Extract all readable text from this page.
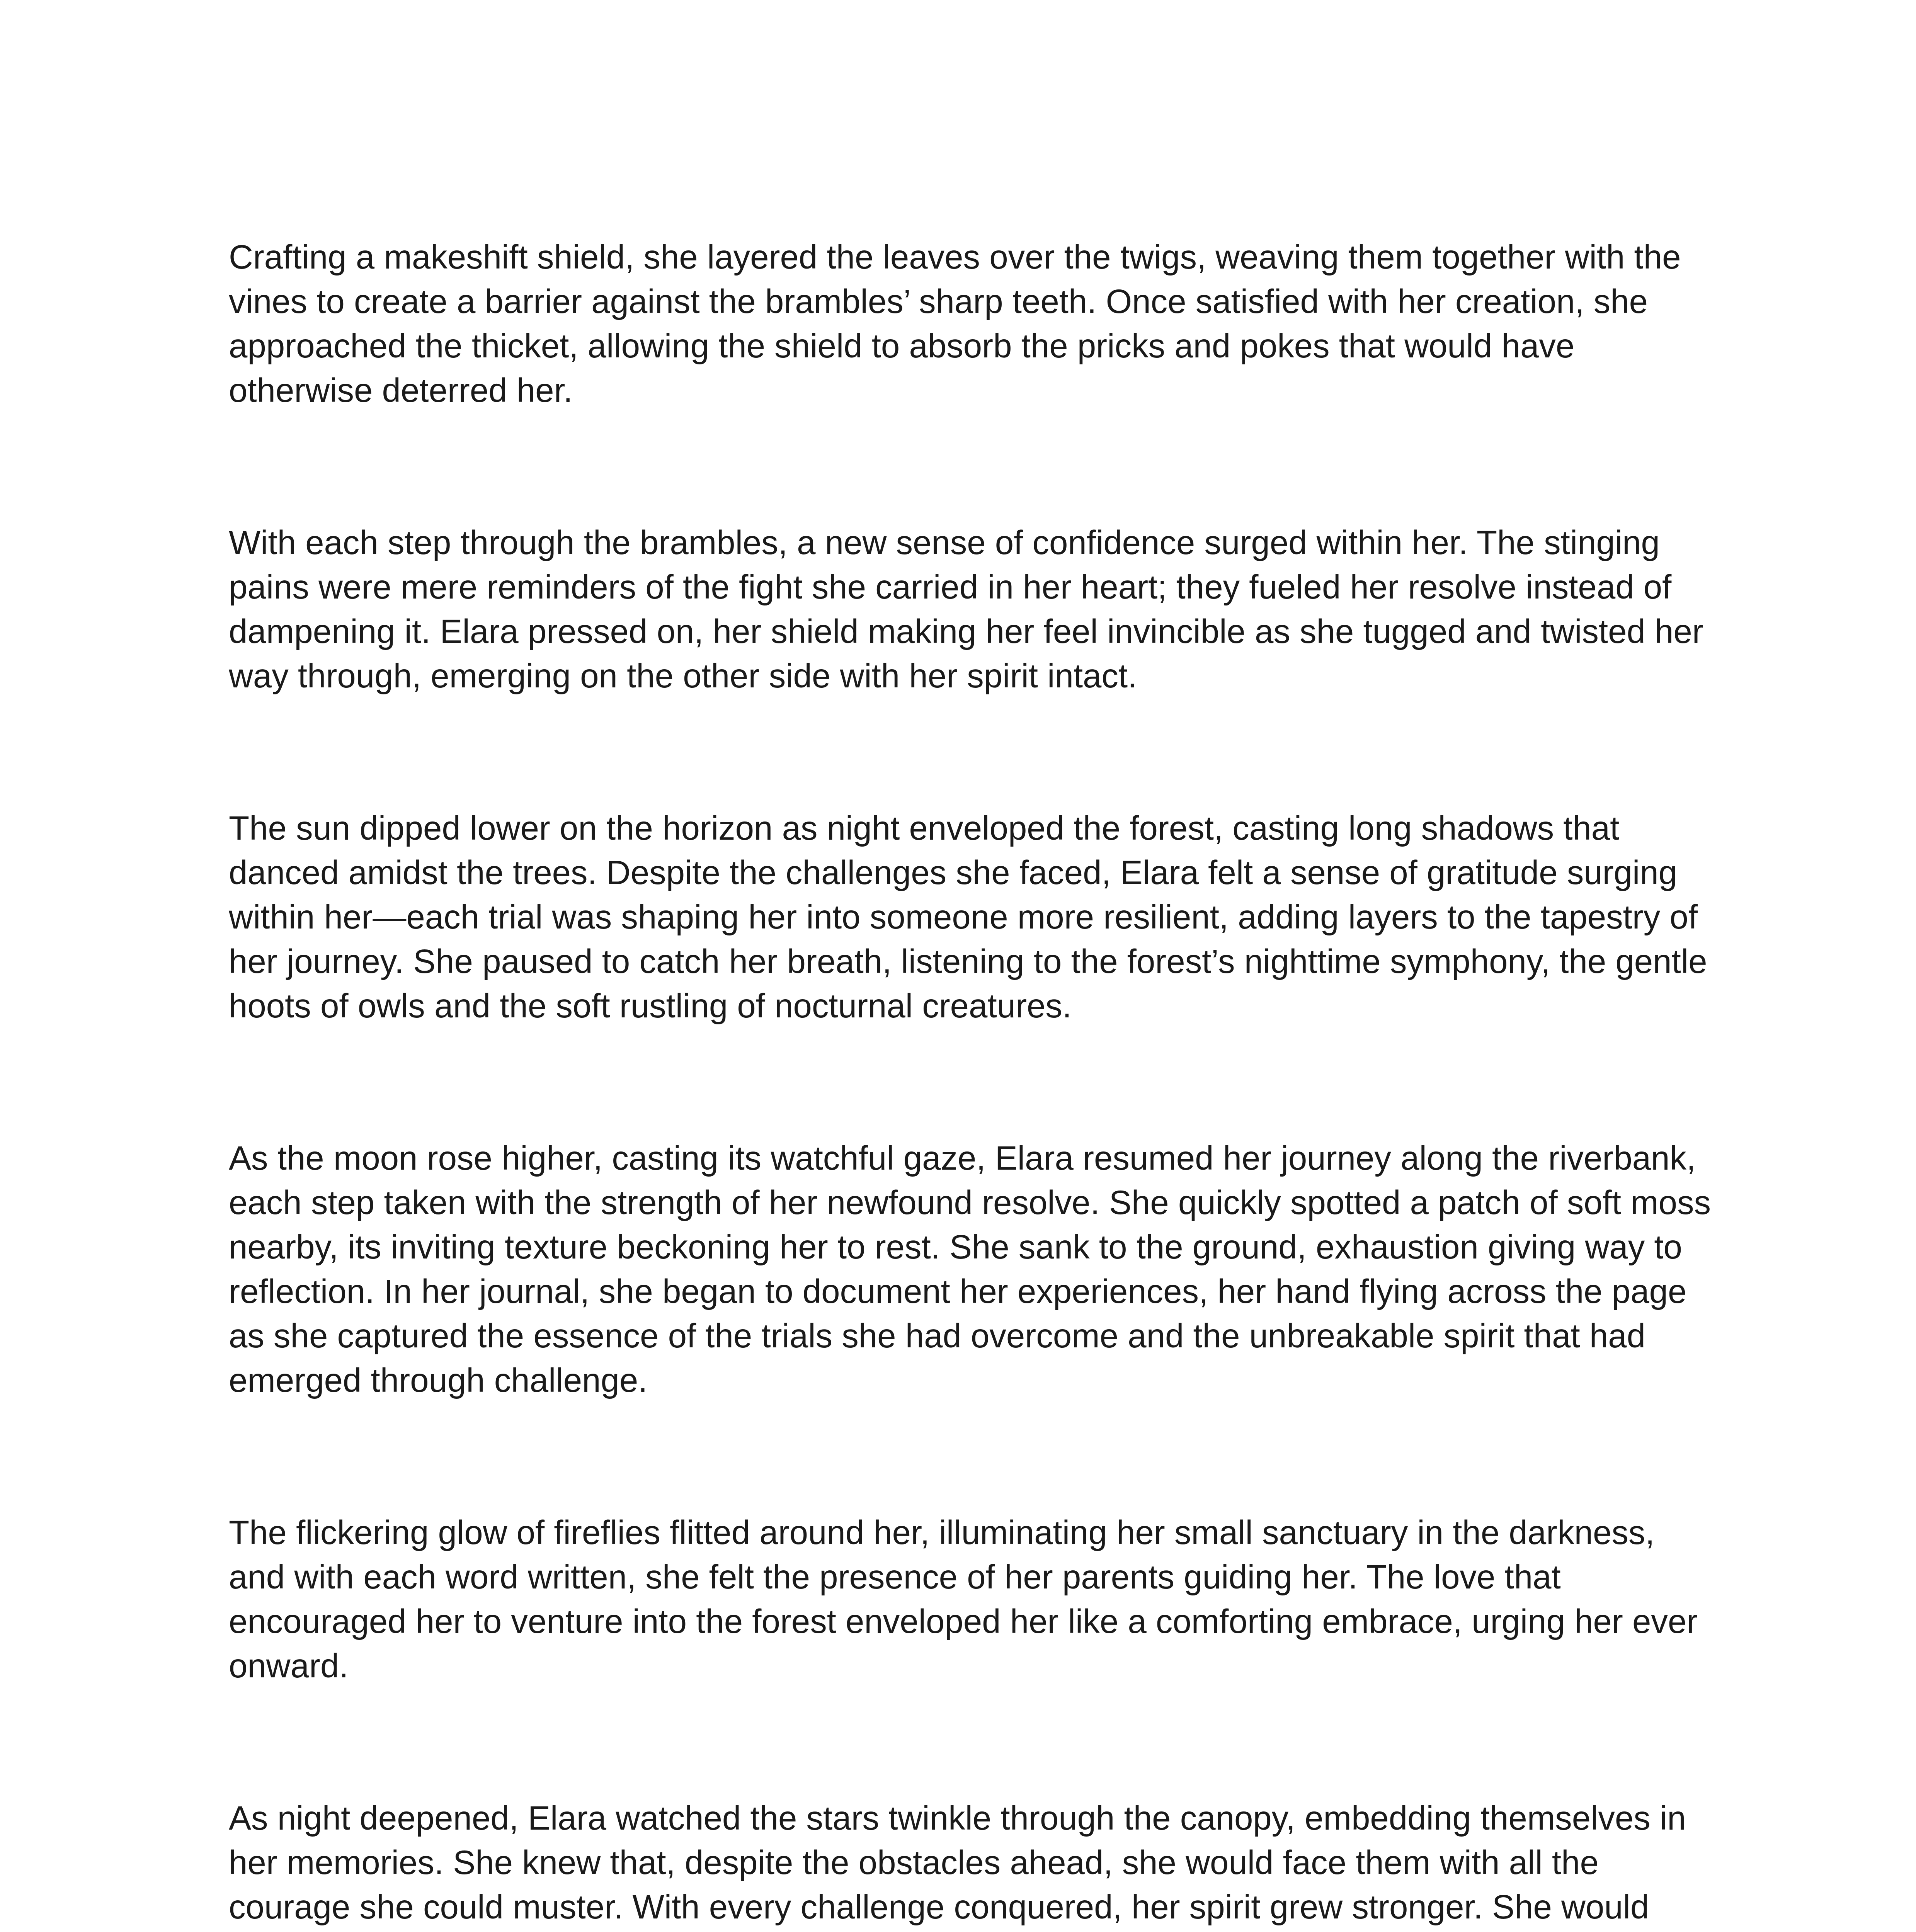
Crafting a makeshift shield, she layered the leaves over the twigs, weaving them together with the vines to create a barrier against the brambles’ sharp teeth. Once satisfied with her creation, she approached the thicket, allowing the shield to absorb the pricks and pokes that would have otherwise deterred her.

With each step through the brambles, a new sense of confidence surged within her. The stinging pains were mere reminders of the fight she carried in her heart; they fueled her resolve instead of dampening it. Elara pressed on, her shield making her feel invincible as she tugged and twisted her way through, emerging on the other side with her spirit intact.

The sun dipped lower on the horizon as night enveloped the forest, casting long shadows that danced amidst the trees. Despite the challenges she faced, Elara felt a sense of gratitude surging within her—each trial was shaping her into someone more resilient, adding layers to the tapestry of her journey. She paused to catch her breath, listening to the forest’s nighttime symphony, the gentle hoots of owls and the soft rustling of nocturnal creatures.

As the moon rose higher, casting its watchful gaze, Elara resumed her journey along the riverbank, each step taken with the strength of her newfound resolve. She quickly spotted a patch of soft moss nearby, its inviting texture beckoning her to rest. She sank to the ground, exhaustion giving way to reflection. In her journal, she began to document her experiences, her hand flying across the page as she captured the essence of the trials she had overcome and the unbreakable spirit that had emerged through challenge.

The flickering glow of fireflies flitted around her, illuminating her small sanctuary in the darkness, and with each word written, she felt the presence of her parents guiding her. The love that encouraged her to venture into the forest enveloped her like a comforting embrace, urging her ever onward.

As night deepened, Elara watched the stars twinkle through the canopy, embedding themselves in her memories. She knew that, despite the obstacles ahead, she would face them with all the courage she could muster. With every challenge conquered, her spirit grew stronger. She would
